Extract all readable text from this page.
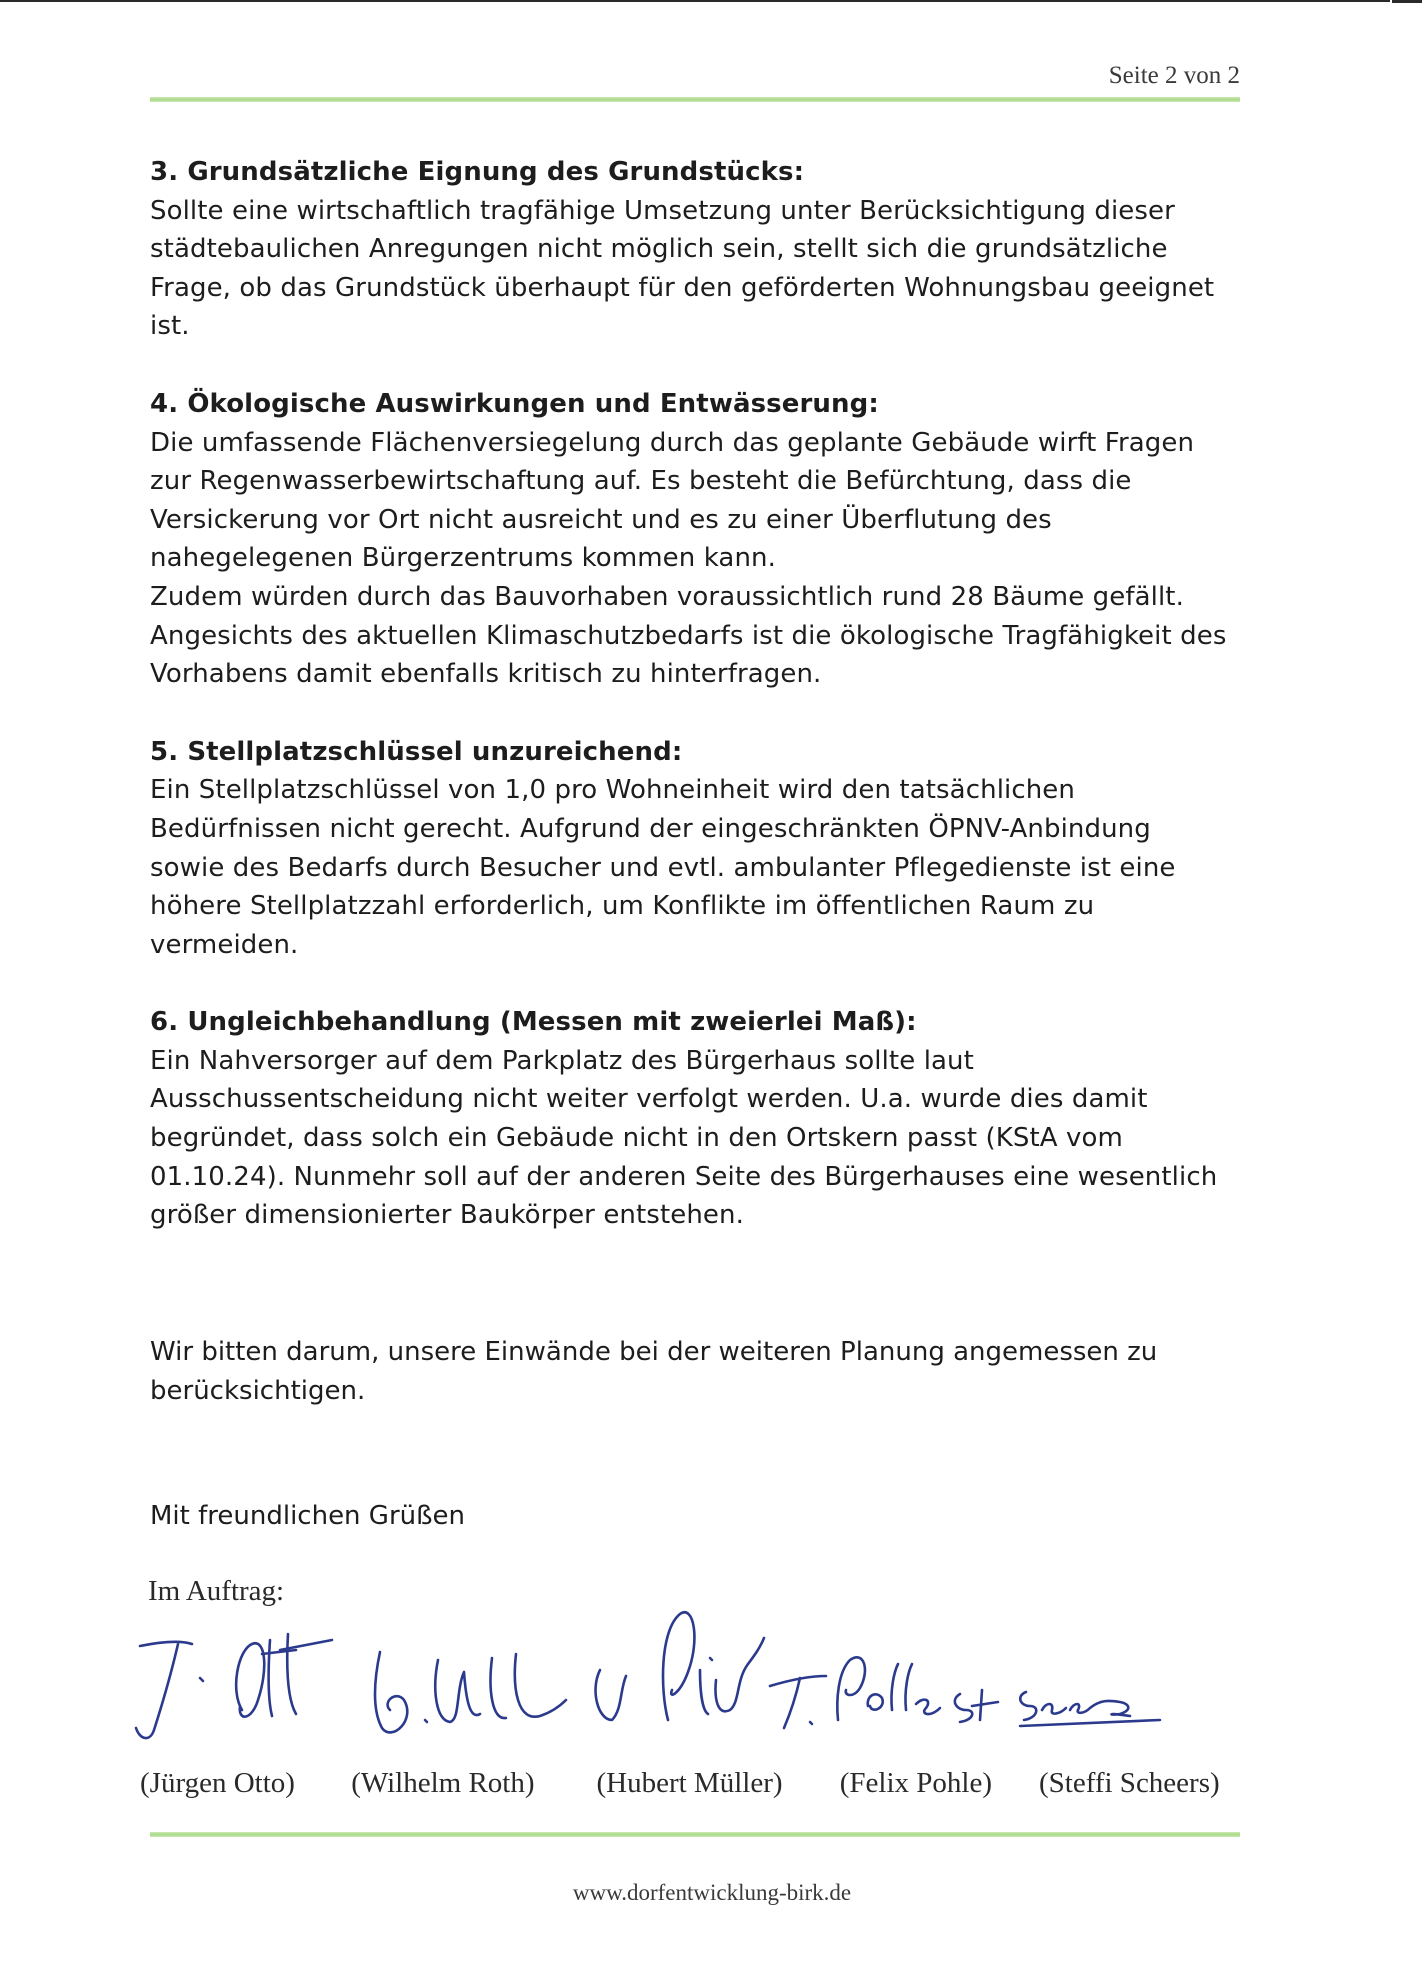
Seite 2 von 2
3. Grundsätzliche Eignung des Grundstücks:
Sollte eine wirtschaftlich tragfähige Umsetzung unter Berücksichtigung dieser
städtebaulichen Anregungen nicht möglich sein, stellt sich die grundsätzliche
Frage, ob das Grundstück überhaupt für den geförderten Wohnungsbau geeignet
ist.
4. Ökologische Auswirkungen und Entwässerung:
Die umfassende Flächenversiegelung durch das geplante Gebäude wirft Fragen
zur Regenwasserbewirtschaftung auf. Es besteht die Befürchtung, dass die
Versickerung vor Ort nicht ausreicht und es zu einer Überflutung des
nahegelegenen Bürgerzentrums kommen kann.
Zudem würden durch das Bauvorhaben voraussichtlich rund 28 Bäume gefällt.
Angesichts des aktuellen Klimaschutzbedarfs ist die ökologische Tragfähigkeit des
Vorhabens damit ebenfalls kritisch zu hinterfragen.
5. Stellplatzschlüssel unzureichend:
Ein Stellplatzschlüssel von 1,0 pro Wohneinheit wird den tatsächlichen
Bedürfnissen nicht gerecht. Aufgrund der eingeschränkten ÖPNV-Anbindung
sowie des Bedarfs durch Besucher und evtl. ambulanter Pflegedienste ist eine
höhere Stellplatzzahl erforderlich, um Konflikte im öffentlichen Raum zu
vermeiden.
6. Ungleichbehandlung (Messen mit zweierlei Maß):
Ein Nahversorger auf dem Parkplatz des Bürgerhaus sollte laut
Ausschussentscheidung nicht weiter verfolgt werden. U.a. wurde dies damit
begründet, dass solch ein Gebäude nicht in den Ortskern passt (KStA vom
01.10.24). Nunmehr soll auf der anderen Seite des Bürgerhauses eine wesentlich
größer dimensionierter Baukörper entstehen.
Wir bitten darum, unsere Einwände bei der weiteren Planung angemessen zu
berücksichtigen.
Mit freundlichen Grüßen
Im Auftrag:
(Jürgen Otto) (Wilhelm Roth) (Hubert Müller) (Felix Pohle) (Steffi Scheers)
www.dorfentwicklung-birk.de
